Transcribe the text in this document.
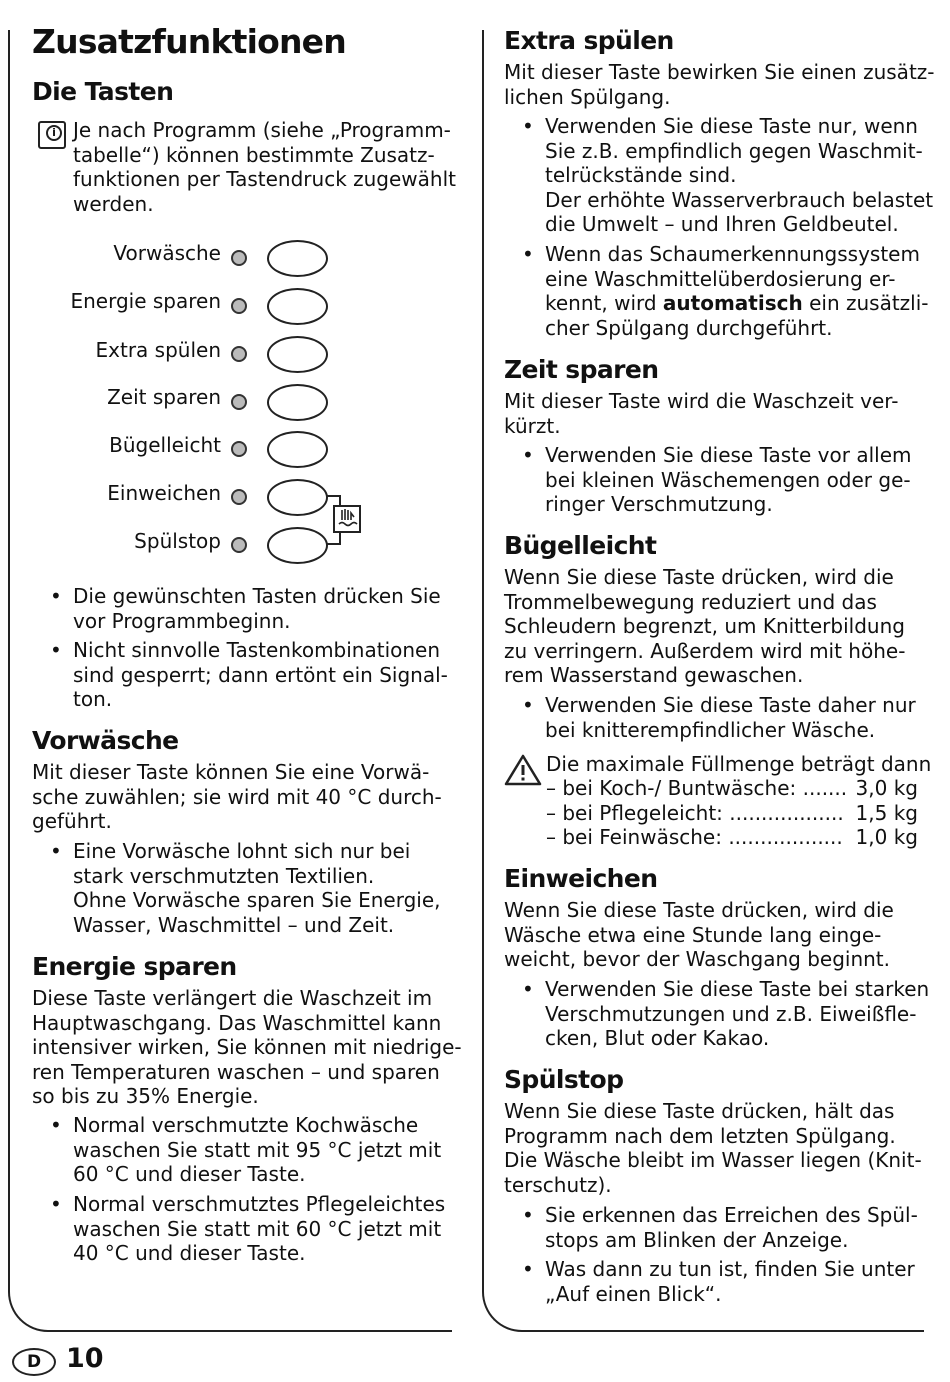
Zusatzfunktionen
Die Tasten
i Je nach Programm (siehe „Programm-
tabelle“) können bestimmte Zusatz-
funktionen per Tastendruck zugewählt
werden.

Vorwäsche
Energie sparen
Extra spülen
Zeit sparen
Bügelleicht
Einweichen
Spülstop
• Die gewünschten Tasten drücken Sie
vor Programmbeginn.
• Nicht sinnvolle Tastenkombinationen
sind gesperrt; dann ertönt ein Signal-
ton.
Vorwäsche

Mit dieser Taste können Sie eine Vorwä-
sche zuwählen; sie wird mit 40 °C durch-
geführt.

• Eine Vorwäsche lohnt sich nur bei
stark verschmutzten Textilien.
Ohne Vorwäsche sparen Sie Energie,
Wasser, Waschmittel – und Zeit.
Energie sparen

Diese Taste verlängert die Waschzeit im
Hauptwaschgang. Das Waschmittel kann
intensiver wirken, Sie können mit niedrige-
ren Temperaturen waschen – und sparen
so bis zu 35% Energie.

• Normal verschmutzte Kochwäsche
waschen Sie statt mit 95 °C jetzt mit
60 °C und dieser Taste.
• Normal verschmutztes Pflegeleichtes
waschen Sie statt mit 60 °C jetzt mit
40 °C und dieser Taste.
Extra spülen

Mit dieser Taste bewirken Sie einen zusätz-
lichen Spülgang.

• Verwenden Sie diese Taste nur, wenn
Sie z.B. empfindlich gegen Waschmit-
telrückstände sind.
Der erhöhte Wasserverbrauch belastet
die Umwelt – und Ihren Geldbeutel.
• Wenn das Schaumerkennungssystem
eine Waschmittelüberdosierung er-
kennt, wird automatisch ein zusätzli-
cher Spülgang durchgeführt.
Zeit sparen

Mit dieser Taste wird die Waschzeit ver-
kürzt.

• Verwenden Sie diese Taste vor allem
bei kleinen Wäschemengen oder ge-
ringer Verschmutzung.
Bügelleicht

Wenn Sie diese Taste drücken, wird die
Trommelbewegung reduziert und das
Schleudern begrenzt, um Knitterbildung
zu verringern. Außerdem wird mit höhe-
rem Wasserstand gewaschen.

• Verwenden Sie diese Taste daher nur
bei knitterempfindlicher Wäsche.

Die maximale Füllmenge beträgt dann

– bei Koch-/ Buntwäsche: ....... 3,0 kg
– bei Pflegeleicht: .................. 1,5 kg
– bei Feinwäsche: .................. 1,0 kg
Einweichen

Wenn Sie diese Taste drücken, wird die
Wäsche etwa eine Stunde lang einge-
weicht, bevor der Waschgang beginnt.

• Verwenden Sie diese Taste bei starken
Verschmutzungen und z.B. Eiweißfle-
cken, Blut oder Kakao.
Spülstop

Wenn Sie diese Taste drücken, hält das
Programm nach dem letzten Spülgang.
Die Wäsche bleibt im Wasser liegen (Knit-
terschutz).

• Sie erkennen das Erreichen des Spül-
stops am Blinken der Anzeige.
• Was dann zu tun ist, finden Sie unter
„Auf einen Blick“.
D 10
